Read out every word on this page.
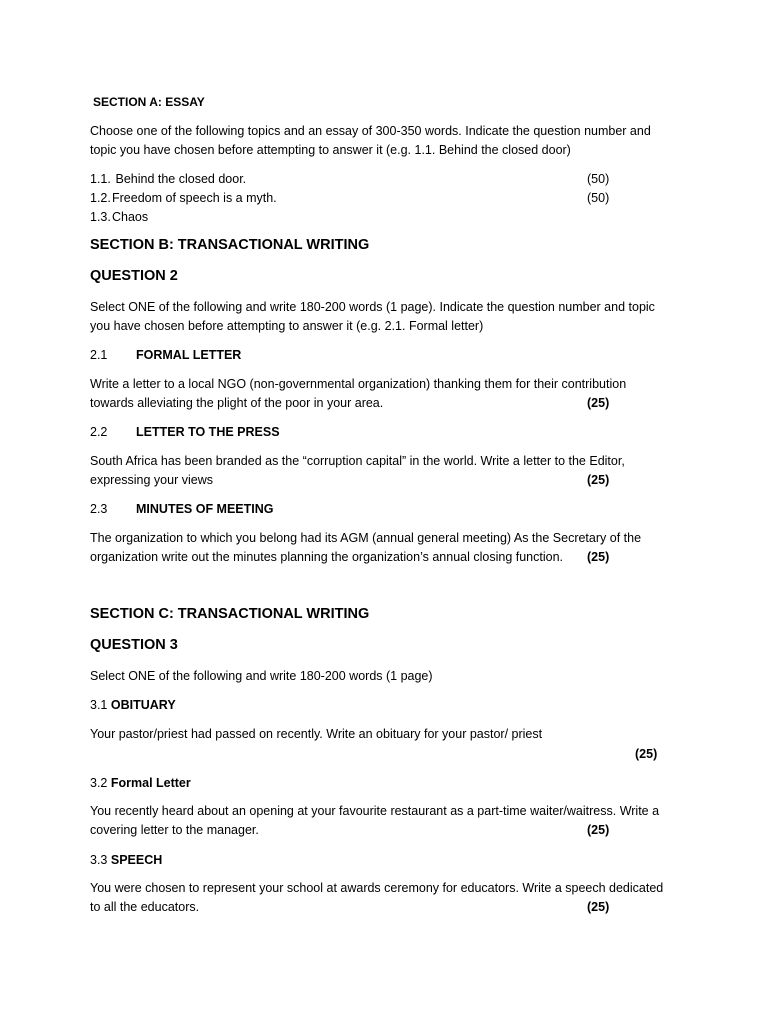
SECTION A: ESSAY
Choose one of the following topics and an essay of 300-350 words. Indicate the question number and
topic you have chosen before attempting to answer it (e.g. 1.1. Behind the closed door)
1.1. Behind the closed door.	(50)
1.2.Freedom of speech is a myth.	(50)
1.3.Chaos
SECTION B: TRANSACTIONAL WRITING
QUESTION 2
Select ONE of the following and write 180-200 words (1 page). Indicate the question number and topic
you have chosen before attempting to answer it (e.g. 2.1. Formal letter)
2.1 FORMAL LETTER
Write a letter to a local NGO (non-governmental organization) thanking them for their contribution
towards alleviating the plight of the poor in your area.	(25)
2.2 LETTER TO THE PRESS
South Africa has been branded as the “corruption capital” in the world. Write a letter to the Editor,
expressing your views	(25)
2.3 MINUTES OF MEETING
The organization to which you belong had its AGM (annual general meeting) As the Secretary of the
organization write out the minutes planning the organization’s annual closing function. (25)
SECTION C: TRANSACTIONAL WRITING
QUESTION 3
Select ONE of the following and write 180-200 words (1 page)
3.1 OBITUARY
Your pastor/priest had passed on recently. Write an obituary for your pastor/ priest
(25)
3.2 Formal Letter
You recently heard about an opening at your favourite restaurant as a part-time waiter/waitress. Write a
covering letter to the manager.	(25)
3.3 SPEECH
You were chosen to represent your school at awards ceremony for educators. Write a speech dedicated
to all the educators.	(25)
